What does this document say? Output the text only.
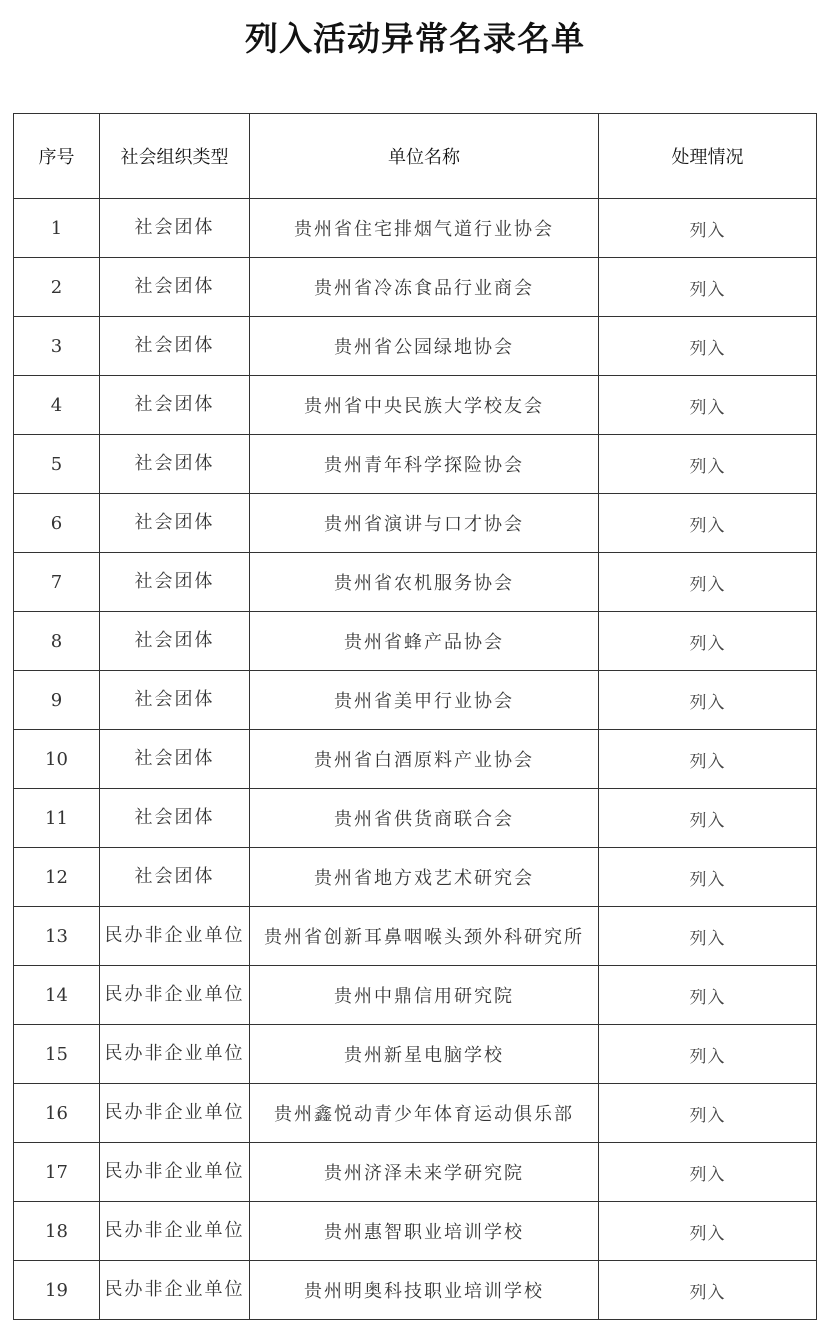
列入活动异常名录名单
序号	社会组织类型	单位名称	处理情况
1	社会团体	贵州省住宅排烟气道行业协会	列入
2	社会团体	贵州省冷冻食品行业商会	列入
3	社会团体	贵州省公园绿地协会	列入
4	社会团体	贵州省中央民族大学校友会	列入
5	社会团体	贵州青年科学探险协会	列入
6	社会团体	贵州省演讲与口才协会	列入
7	社会团体	贵州省农机服务协会	列入
8	社会团体	贵州省蜂产品协会	列入
9	社会团体	贵州省美甲行业协会	列入
10	社会团体	贵州省白酒原料产业协会	列入
11	社会团体	贵州省供货商联合会	列入
12	社会团体	贵州省地方戏艺术研究会	列入
13	民办非企业单位	贵州省创新耳鼻咽喉头颈外科研究所	列入
14	民办非企业单位	贵州中鼎信用研究院	列入
15	民办非企业单位	贵州新星电脑学校	列入
16	民办非企业单位	贵州鑫悦动青少年体育运动俱乐部	列入
17	民办非企业单位	贵州济泽未来学研究院	列入
18	民办非企业单位	贵州惠智职业培训学校	列入
19	民办非企业单位	贵州明奥科技职业培训学校	列入
